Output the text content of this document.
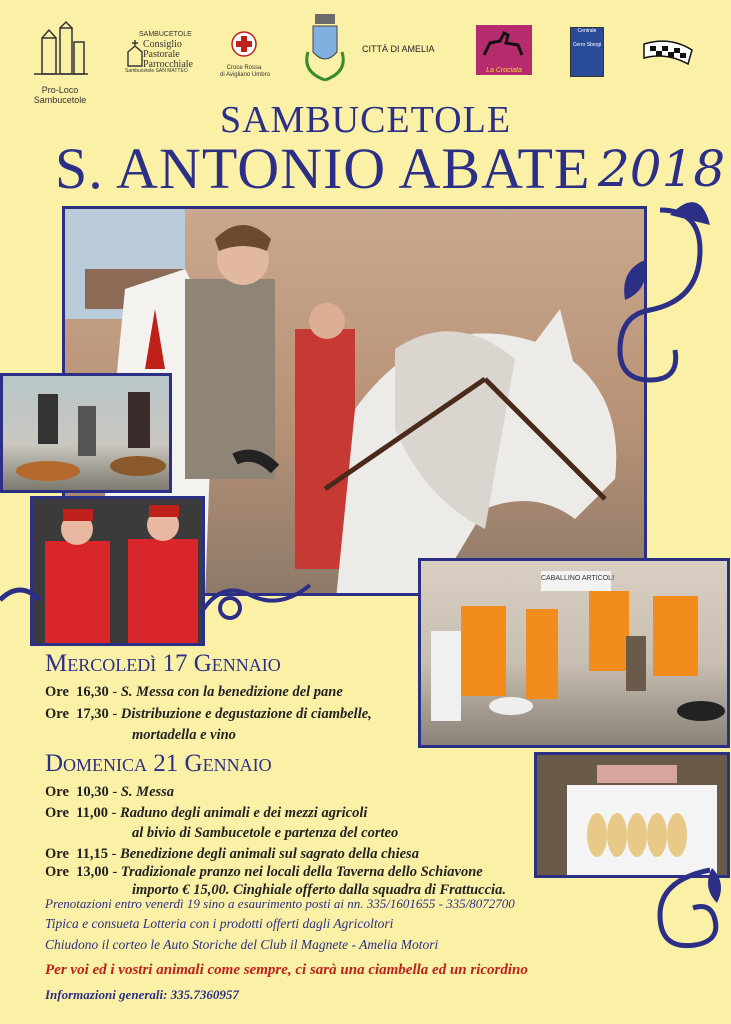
Pro-Loco
Sambucetole
SAMBUCETOLE
Consiglio
Pastorale
Parrocchiale
Sambucetole SAN MATTEO	Croce Rossa
di Avigliano Umbro
CITTÀ DI AMELIA
La Crociata
Centrale

Cerro Sbergi
SAMBUCETOLE
S. ANTONIO ABATE 2018
CABALLINO ARTICOLI
Mercoledì 17 Gennaio
Ore 16,30 - S. Messa con la benedizione del pane
Ore 17,30 - Distribuzione e degustazione di ciambelle,
mortadella e vino
Domenica 21 Gennaio
Ore 10,30 - S. Messa
Ore 11,00 - Raduno degli animali e dei mezzi agricoli
al bivio di Sambucetole e partenza del corteo
Ore 11,15 - Benedizione degli animali sul sagrato della chiesa
Ore 13,00 - Tradizionale pranzo nei locali della Taverna dello Schiavone
importo € 15,00. Cinghiale offerto dalla squadra di Frattuccia.
Prenotazioni entro venerdì 19 sino a esaurimento posti ai nn. 335/1601655 - 335/8072700
Tipica e consueta Lotteria con i prodotti offerti dagli Agricoltori
Chiudono il corteo le Auto Storiche del Club il Magnete - Amelia Motori
Per voi ed i vostri animali come sempre, ci sarà una ciambella ed un ricordino
Informazioni generali: 335.7360957
